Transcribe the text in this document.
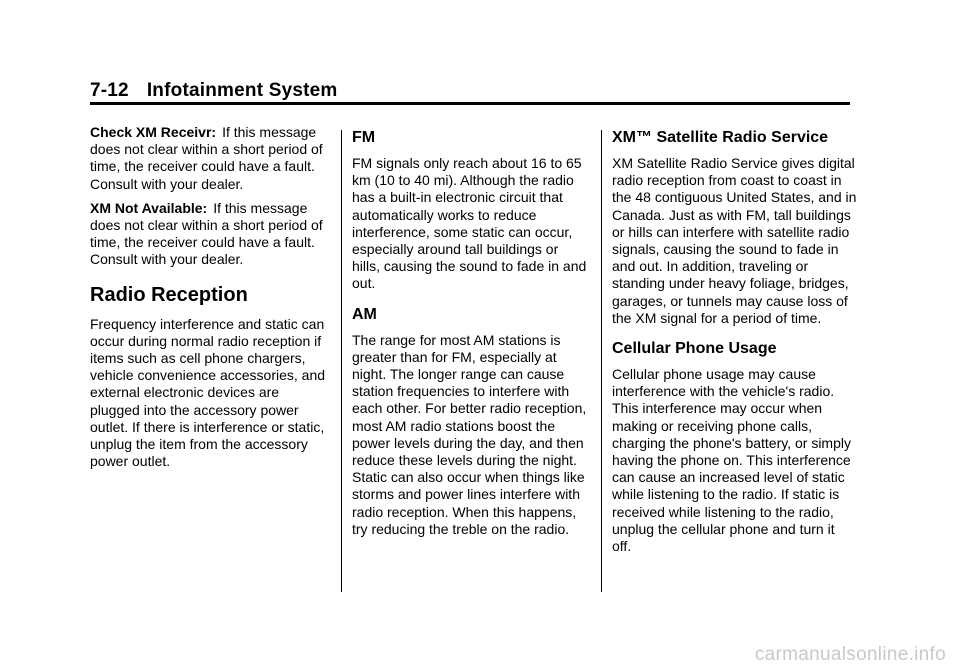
7-12 Infotainment System

Check XM Receivr: If this message does not clear within a short period of time, the receiver could have a fault. Consult with your dealer.

XM Not Available: If this message does not clear within a short period of time, the receiver could have a fault. Consult with your dealer.

Radio Reception

Frequency interference and static can occur during normal radio reception if items such as cell phone chargers, vehicle convenience accessories, and external electronic devices are plugged into the accessory power outlet. If there is interference or static, unplug the item from the accessory power outlet.

FM

FM signals only reach about 16 to 65 km (10 to 40 mi). Although the radio has a built-in electronic circuit that automatically works to reduce interference, some static can occur, especially around tall buildings or hills, causing the sound to fade in and out.

AM

The range for most AM stations is greater than for FM, especially at night. The longer range can cause station frequencies to interfere with each other. For better radio reception, most AM radio stations boost the power levels during the day, and then reduce these levels during the night. Static can also occur when things like storms and power lines interfere with radio reception. When this happens, try reducing the treble on the radio.

XM™ Satellite Radio Service

XM Satellite Radio Service gives digital radio reception from coast to coast in the 48 contiguous United States, and in Canada. Just as with FM, tall buildings or hills can interfere with satellite radio signals, causing the sound to fade in and out. In addition, traveling or standing under heavy foliage, bridges, garages, or tunnels may cause loss of the XM signal for a period of time.

Cellular Phone Usage

Cellular phone usage may cause interference with the vehicle's radio. This interference may occur when making or receiving phone calls, charging the phone's battery, or simply having the phone on. This interference can cause an increased level of static while listening to the radio. If static is received while listening to the radio, unplug the cellular phone and turn it off.

carmanualsonline.info
